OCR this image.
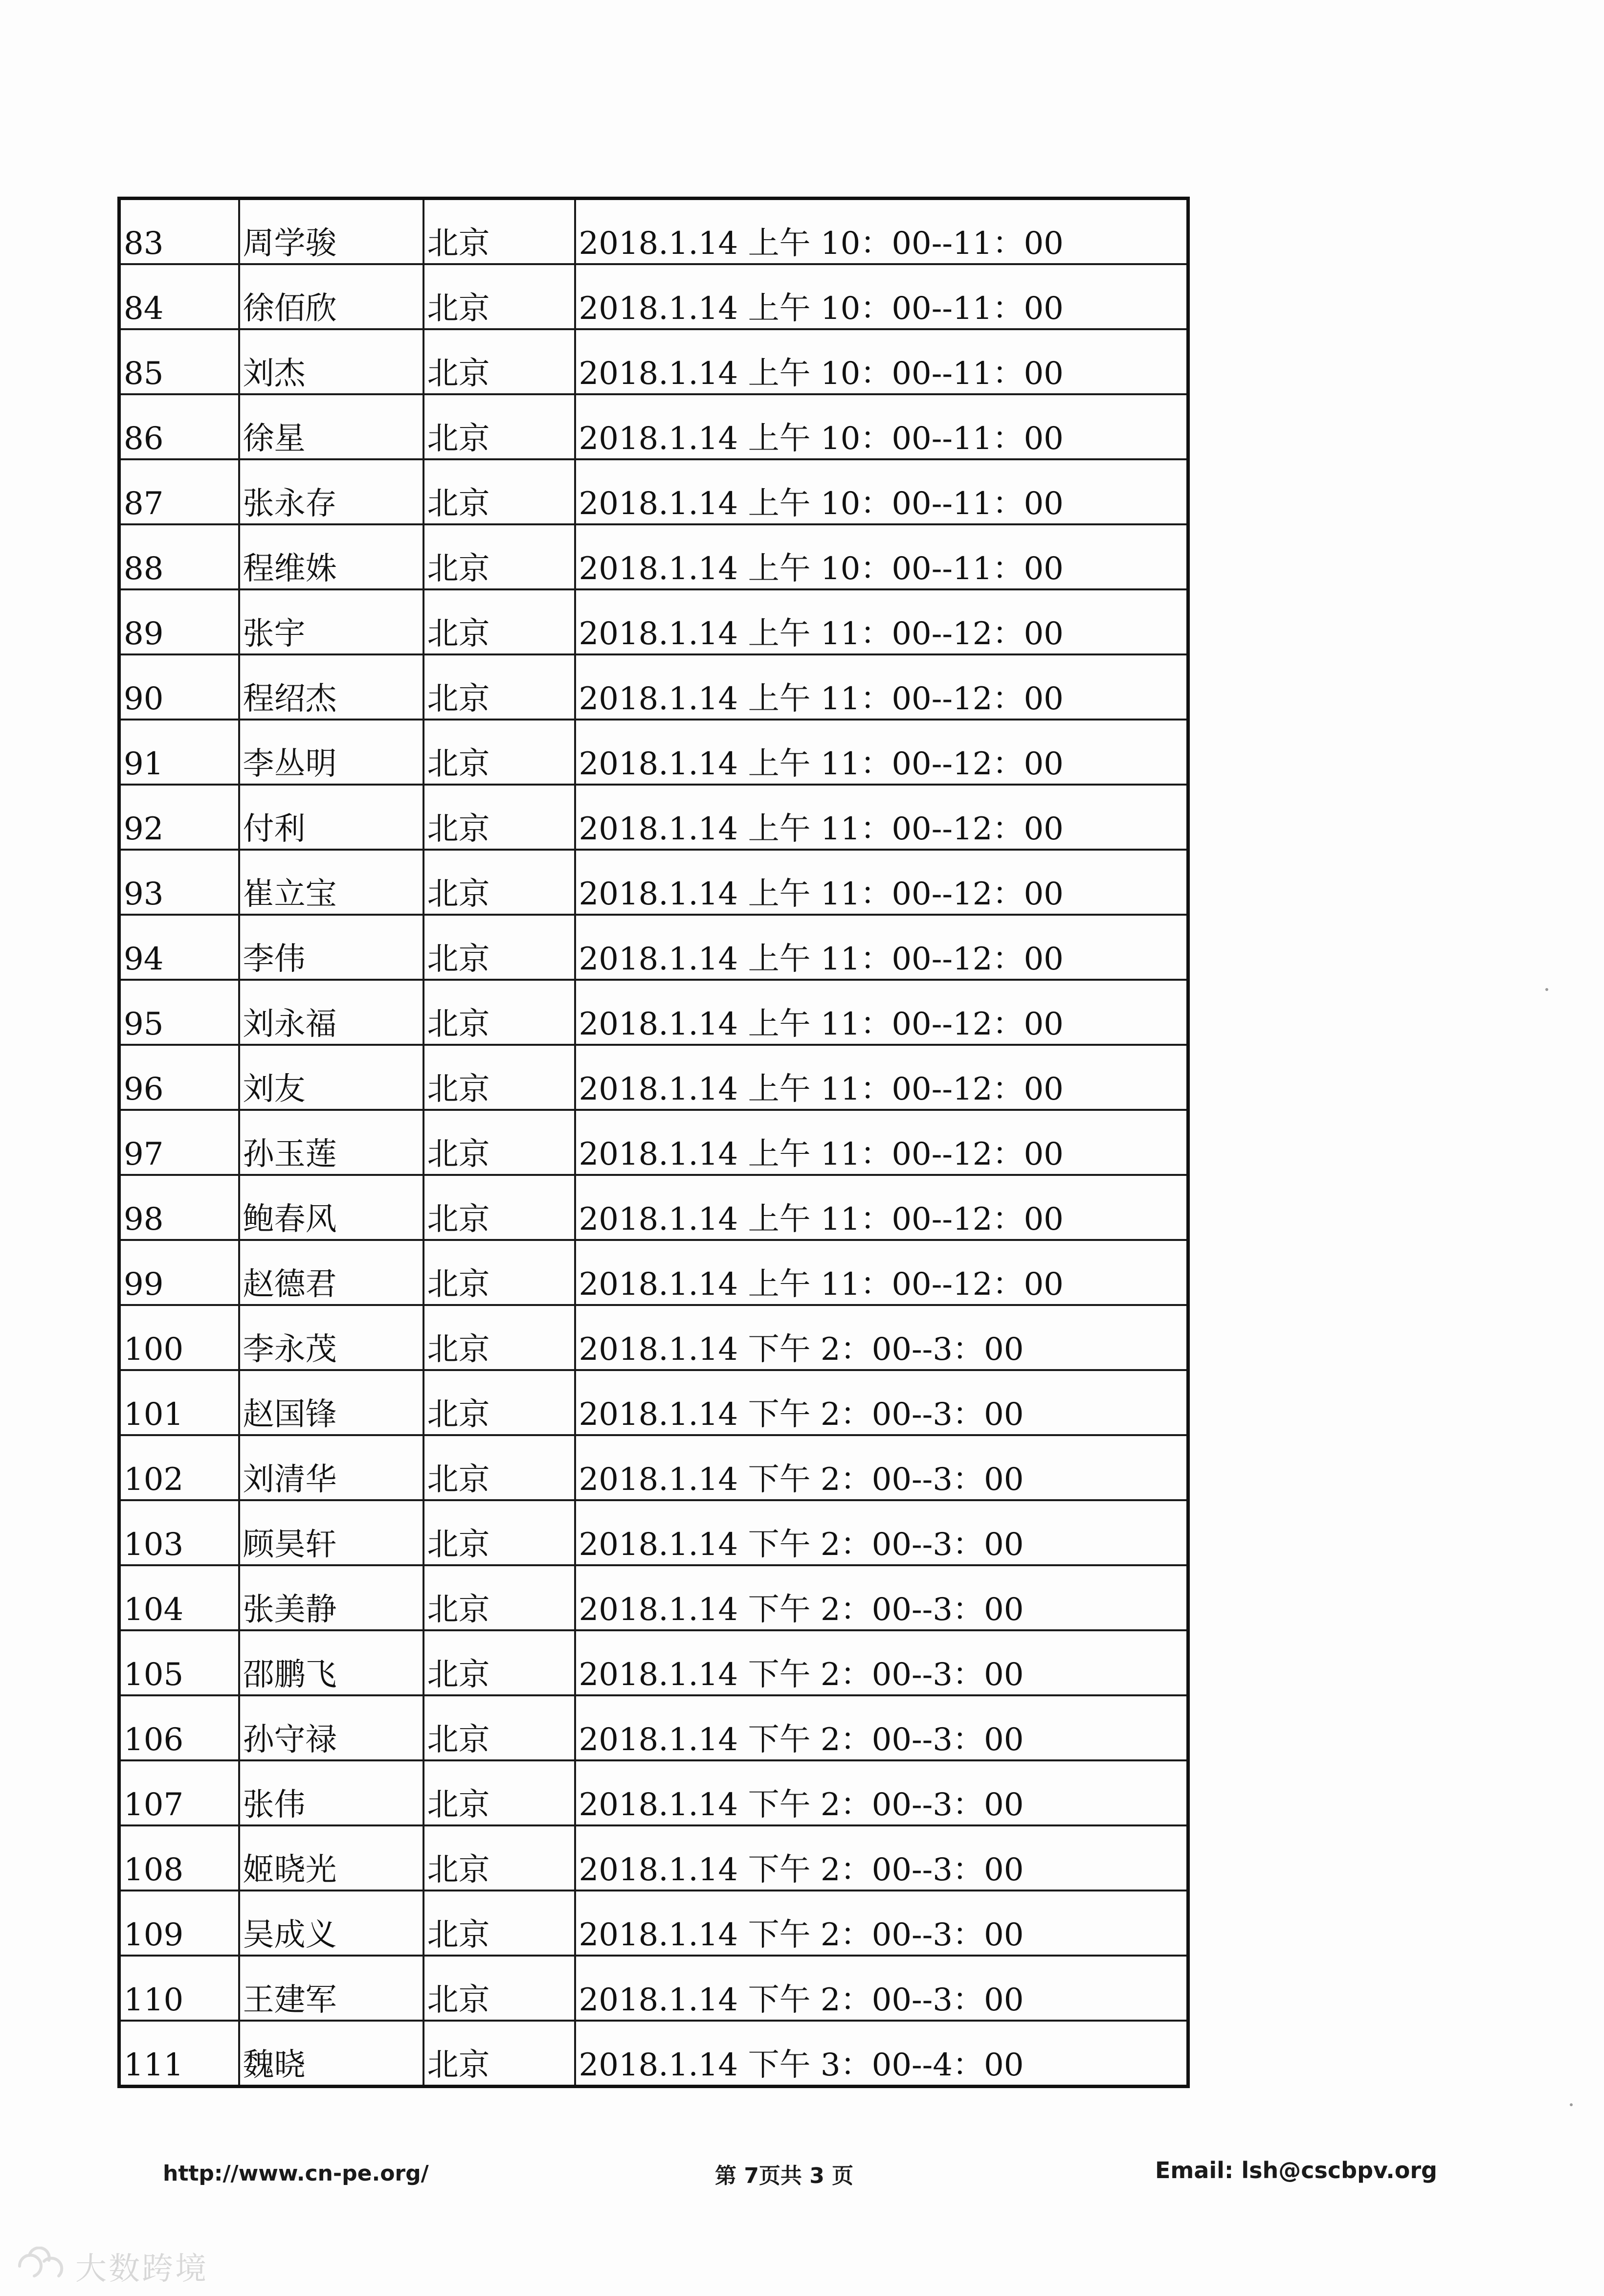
83	周学骏	北京	2018.1.14 上午 10：00--11：00
84	徐佰欣	北京	2018.1.14 上午 10：00--11：00
85	刘杰	北京	2018.1.14 上午 10：00--11：00
86	徐星	北京	2018.1.14 上午 10：00--11：00
87	张永存	北京	2018.1.14 上午 10：00--11：00
88	程维姝	北京	2018.1.14 上午 10：00--11：00
89	张宇	北京	2018.1.14 上午 11：00--12：00
90	程绍杰	北京	2018.1.14 上午 11：00--12：00
91	李丛明	北京	2018.1.14 上午 11：00--12：00
92	付利	北京	2018.1.14 上午 11：00--12：00
93	崔立宝	北京	2018.1.14 上午 11：00--12：00
94	李伟	北京	2018.1.14 上午 11：00--12：00
95	刘永福	北京	2018.1.14 上午 11：00--12：00
96	刘友	北京	2018.1.14 上午 11：00--12：00
97	孙玉莲	北京	2018.1.14 上午 11：00--12：00
98	鲍春风	北京	2018.1.14 上午 11：00--12：00
99	赵德君	北京	2018.1.14 上午 11：00--12：00
100	李永茂	北京	2018.1.14 下午 2：00--3：00
101	赵国锋	北京	2018.1.14 下午 2：00--3：00
102	刘清华	北京	2018.1.14 下午 2：00--3：00
103	顾昊轩	北京	2018.1.14 下午 2：00--3：00
104	张美静	北京	2018.1.14 下午 2：00--3：00
105	邵鹏飞	北京	2018.1.14 下午 2：00--3：00
106	孙守禄	北京	2018.1.14 下午 2：00--3：00
107	张伟	北京	2018.1.14 下午 2：00--3：00
108	姬晓光	北京	2018.1.14 下午 2：00--3：00
109	吴成义	北京	2018.1.14 下午 2：00--3：00
110	王建军	北京	2018.1.14 下午 2：00--3：00
111	魏晓	北京	2018.1.14 下午 3：00--4：00
http://www.cn-pe.org/	第 7页共 3 页	Email: lsh@cscbpv.org
大数跨境
